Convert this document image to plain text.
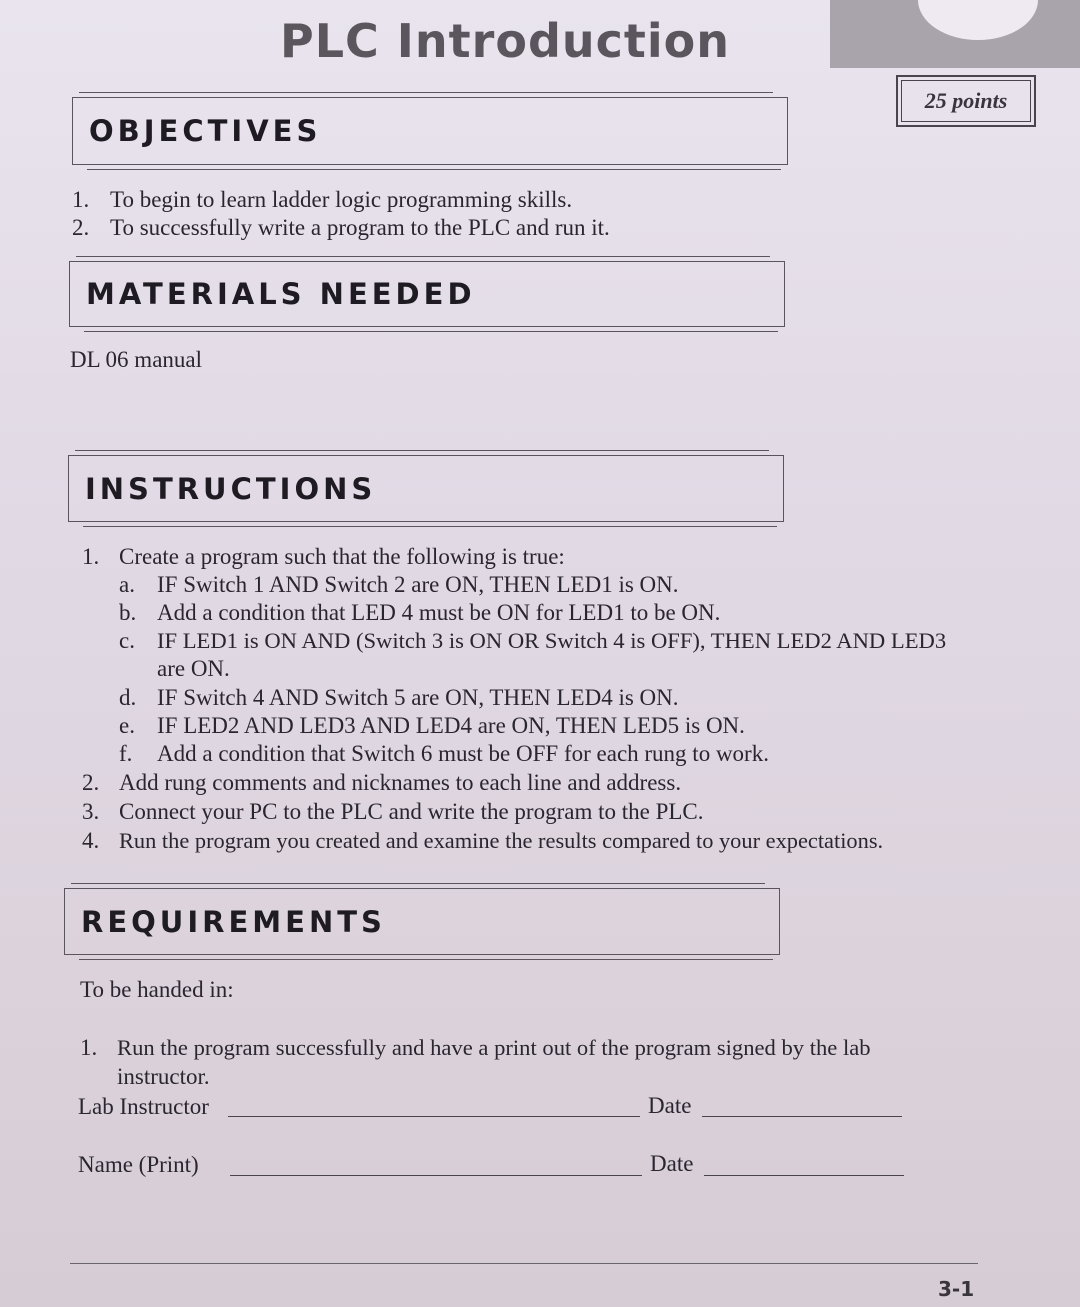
PLC Introduction
25 points
OBJECTIVES
1. To begin to learn ladder logic programming skills.
2. To successfully write a program to the PLC and run it.
MATERIALS NEEDED
DL 06 manual
INSTRUCTIONS
1. Create a program such that the following is true:
a. IF Switch 1 AND Switch 2 are ON, THEN LED1 is ON.
b. Add a condition that LED 4 must be ON for LED1 to be ON.
c. IF LED1 is ON AND (Switch 3 is ON OR Switch 4 is OFF), THEN LED2 AND LED3
are ON.
d. IF Switch 4 AND Switch 5 are ON, THEN LED4 is ON.
e. IF LED2 AND LED3 AND LED4 are ON, THEN LED5 is ON.
f. Add a condition that Switch 6 must be OFF for each rung to work.
2. Add rung comments and nicknames to each line and address.
3. Connect your PC to the PLC and write the program to the PLC.
4. Run the program you created and examine the results compared to your expectations.
REQUIREMENTS
To be handed in:
1. Run the program successfully and have a print out of the program signed by the lab
instructor.
Lab Instructor	Date
Name (Print)	Date
3-1
